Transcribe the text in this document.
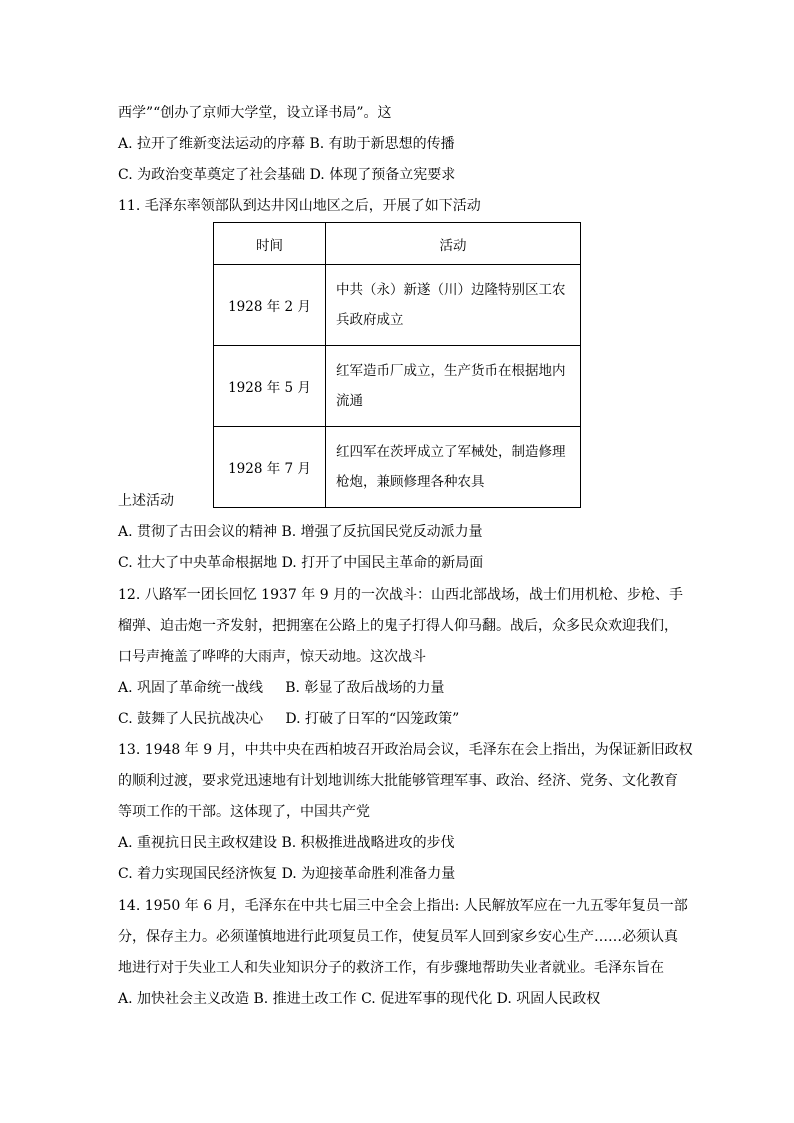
西学”“创办了京师大学堂，设立译书局”。这
A. 拉开了维新变法运动的序幕 B. 有助于新思想的传播
C. 为政治变革奠定了社会基础 D. 体现了预备立宪要求
11. 毛泽东率领部队到达井冈山地区之后，开展了如下活动
时间	活动
1928 年 2 月	中共（永）新遂（川）边隆特别区工农兵政府成立
1928 年 5 月	红军造币厂成立，生产货币在根据地内流通
1928 年 7 月	红四军在茨坪成立了军械处，制造修理枪炮，兼顾修理各种农具
上述活动
A. 贯彻了古田会议的精神 B. 增强了反抗国民党反动派力量
C. 壮大了中央革命根据地 D. 打开了中国民主革命的新局面
12. 八路军一团长回忆 1937 年 9 月的一次战斗：山西北部战场，战士们用机枪、步枪、手
榴弹、迫击炮一齐发射，把拥塞在公路上的鬼子打得人仰马翻。战后，众多民众欢迎我们，
口号声掩盖了哗哗的大雨声，惊天动地。这次战斗
A. 巩固了革命统一战线     B. 彰显了敌后战场的力量
C. 鼓舞了人民抗战决心     D. 打破了日军的“囚笼政策”
13. 1948 年 9 月，中共中央在西柏坡召开政治局会议，毛泽东在会上指出，为保证新旧政权
的顺利过渡，要求党迅速地有计划地训练大批能够管理军事、政治、经济、党务、文化教育
等项工作的干部。这体现了，中国共产党
A. 重视抗日民主政权建设 B. 积极推进战略进攻的步伐
C. 着力实现国民经济恢复 D. 为迎接革命胜利准备力量
14. 1950 年 6 月，毛泽东在中共七届三中全会上指出: 人民解放军应在一九五零年复员一部
分，保存主力。必须谨慎地进行此项复员工作，使复员军人回到家乡安心生产……必须认真
地进行对于失业工人和失业知识分子的救济工作，有步骤地帮助失业者就业。毛泽东旨在
A. 加快社会主义改造 B. 推进土改工作 C. 促进军事的现代化 D. 巩固人民政权
